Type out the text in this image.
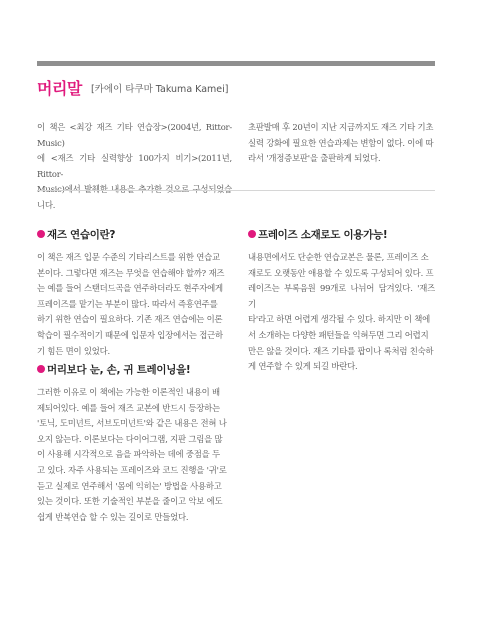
머리말 [카에이 타쿠마 Takuma Kamei]
이 책은 <최강 재즈 기타 연습장>(2004년, Rittor-Music)
에 <재즈 기타 실력향상 100가지 비기>(2011년, Rittor-
니다.
초판발매 후 20년이 지난 지금까지도 재즈 기타 기초
실력 강화에 필요한 연습과제는 변함이 없다. 이에 따
라서 '개정증보판'을 출판하게 되었다.
재즈 연습이란?
이 책은 재즈 입문 수준의 기타리스트를 위한 연습교
본이다. 그렇다면 재즈는 무엇을 연습해야 할까? 재즈
는 예를 들어 스탠더드곡을 연주하더라도 현주자에게
프레이즈를 맡기는 부분이 많다. 따라서 즉흥연주를
하기 위한 연습이 필요하다. 기존 재즈 연습에는 이론
학습이 필수적이기 때문에 입문자 입장에서는 접근하
기 힘든 면이 있었다.
머리보다 눈, 손, 귀 트레이닝을!
그러한 이유로 이 책에는 가능한 이론적인 내용이 배
제되어있다. 예를 들어 재즈 교본에 반드시 등장하는
'토닉, 도미넌트, 서브도미넌트'와 같은 내용은 전혀 나
오지 않는다. 이론보다는 다이어그램, 지판 그림을 많
이 사용해 시각적으로 음을 파악하는 데에 중점을 두
고 있다. 자주 사용되는 프레이즈와 코드 진행을 '귀'로
듣고 실제로 연주해서 '몸에 익히는' 방법을 사용하고
있는 것이다. 또한 기술적인 부분을 줄이고 악보 에도
쉽게 반복연습 할 수 있는 길이로 만들었다.
프레이즈 소재로도 이용가능!
내용면에서도 단순한 연습교본은 물론, 프레이즈 소
재로도 오랫동안 애용할 수 있도록 구성되어 있다. 프
레이즈는 부록음원 99개로 나뉘어 담겨있다. '재즈 기
타'라고 하면 어렵게 생각될 수 있다. 하지만 이 책에
서 소개하는 다양한 패턴들을 익혀두면 그리 어렵지
만은 않을 것이다. 재즈 기타를 팝이나 록처럼 친숙하
게 연주할 수 있게 되길 바란다.
